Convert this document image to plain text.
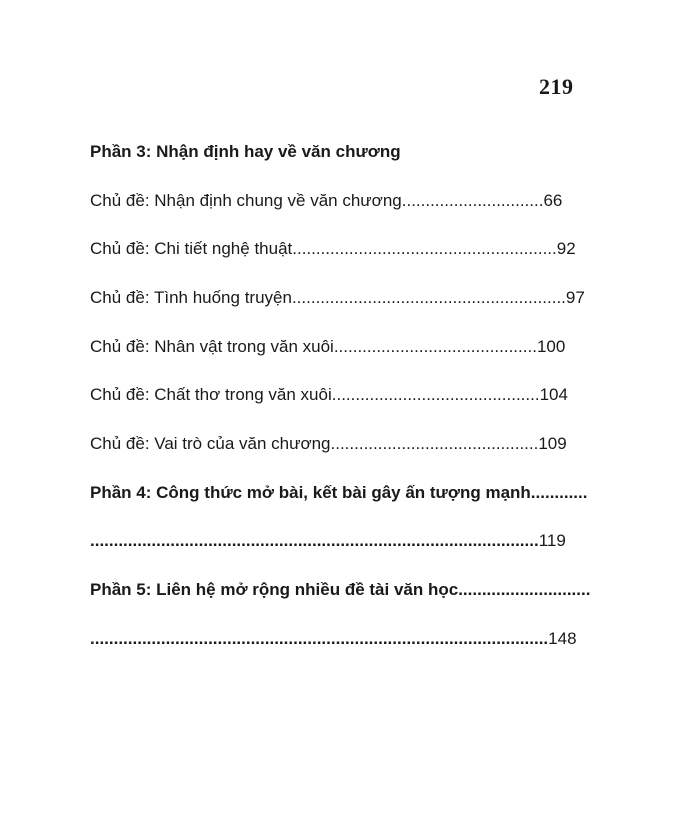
219
Phần 3: Nhận định hay về văn chương
Chủ đề: Nhận định chung về văn chương..............................66
Chủ đề: Chi tiết nghệ thuật........................................................92
Chủ đề: Tình huống truyện..........................................................97
Chủ đề: Nhân vật trong văn xuôi...........................................100
Chủ đề: Chất thơ trong văn xuôi............................................104
Chủ đề: Vai trò của văn chương............................................109
Phần 4: Công thức mở bài, kết bài gây ấn tượng mạnh............
...............................................................................................119
Phần 5: Liên hệ mở rộng nhiều đề tài văn học............................
.................................................................................................148
